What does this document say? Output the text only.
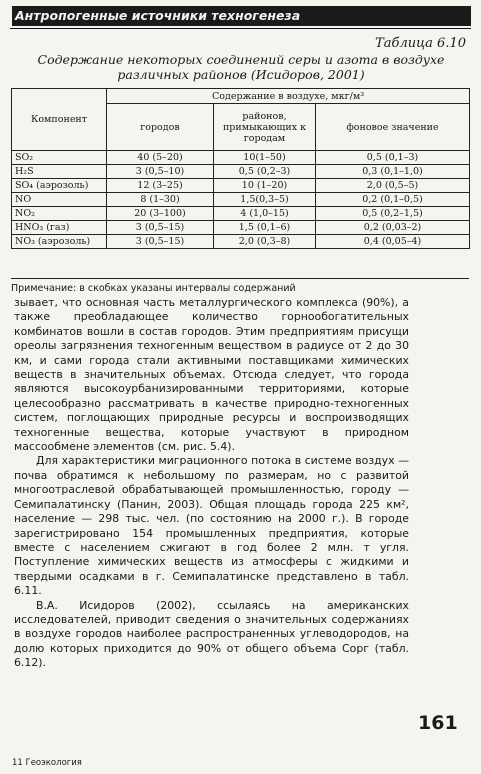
Антропогенные источники техногенеза
Таблица 6.10
Содержание некоторых соединений серы и азота в воздухе различных районов (Исидоров, 2001)
Компонент	Содержание в воздухе, мкг/м³		
	городов	районов, примыкающих к городам	фоновое значение
SO₂	40 (5–20)	10(1–50)	0,5 (0,1–3)
H₂S	3 (0,5–10)	0,5 (0,2–3)	0,3 (0,1–1,0)
SO₄ (аэрозоль)	12 (3–25)	10 (1–20)	2,0 (0,5–5)
NO	8 (1–30)	1,5(0,3–5)	0,2 (0,1–0,5)
NO₂	20 (3–100)	4 (1,0–15)	0,5 (0,2–1,5)
HNO₃ (газ)	3 (0,5–15)	1,5 (0,1–6)	0,2 (0,03–2)
NO₃ (аэрозоль)	3 (0,5–15)	2,0 (0,3–8)	0,4 (0,05–4)
Примечание: в скобках указаны интервалы содержаний

зывает, что основная часть металлургического комплекса (90%), а также преобладающее количество горнообогатительных комбинатов вошли в состав городов. Этим предприятиям присущи ореолы загрязнения техногенным веществом в радиусе от 2 до 30 км, и сами города стали активными поставщиками химических веществ в значительных объемах. Отсюда следует, что города являются высокоурбанизированными территориями, которые целесообразно рассматривать в качестве природно-техногенных систем, поглощающих природные ресурсы и воспроизводящих техногенные вещества, которые участвуют в природном массообмене элементов (см. рис. 5.4).

Для характеристики миграционного потока в системе воздух — почва обратимся к небольшому по размерам, но с развитой многоотраслевой обрабатывающей промышленностью, городу — Семипалатинску (Панин, 2003). Общая площадь города 225 км², население — 298 тыс. чел. (по состоянию на 2000 г.). В городе зарегистрировано 154 промышленных предприятия, которые вместе с населением сжигают в год более 2 млн. т угля. Поступление химических веществ из атмосферы с жидкими и твердыми осадками в г. Семипалатинске представлено в табл. 6.11.

В.А. Исидоров (2002), ссылаясь на американских исследователей, приводит сведения о значительных содержаниях в воздухе городов наиболее распространенных углеводородов, на долю которых приходится до 90% от общего объема Сорг (табл. 6.12).

161
11 Геоэкология
